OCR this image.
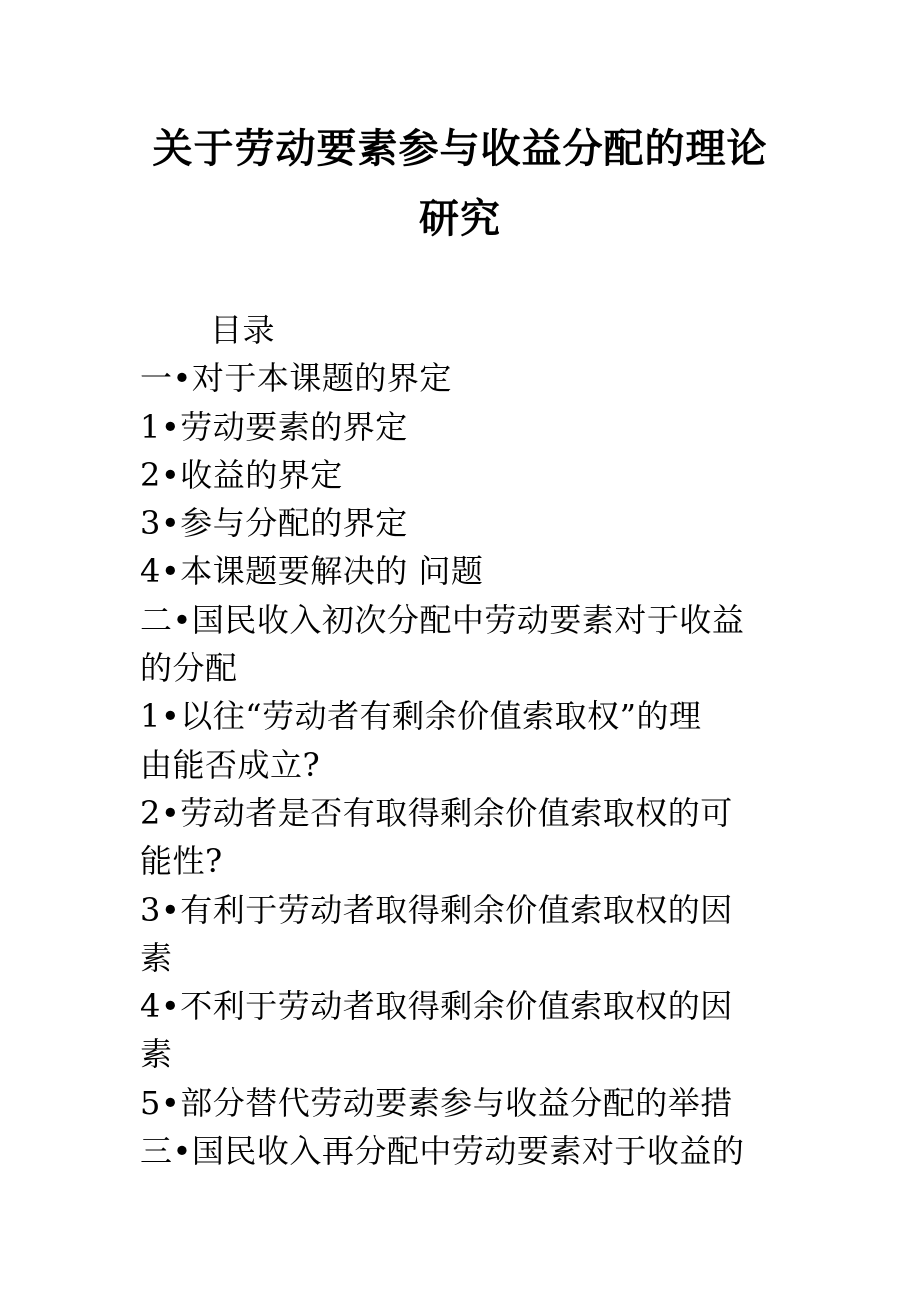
关于劳动要素参与收益分配的理论
研究
目录
一•对于本课题的界定
1•劳动要素的界定
2•收益的界定
3•参与分配的界定
4•本课题要解决的 问题
二•国民收入初次分配中劳动要素对于收益
的分配
1•以往“劳动者有剩余价值索取权”的理
由能否成立?
2•劳动者是否有取得剩余价值索取权的可
能性?
3•有利于劳动者取得剩余价值索取权的因
素
4•不利于劳动者取得剩余价值索取权的因
素
5•部分替代劳动要素参与收益分配的举措
三•国民收入再分配中劳动要素对于收益的
